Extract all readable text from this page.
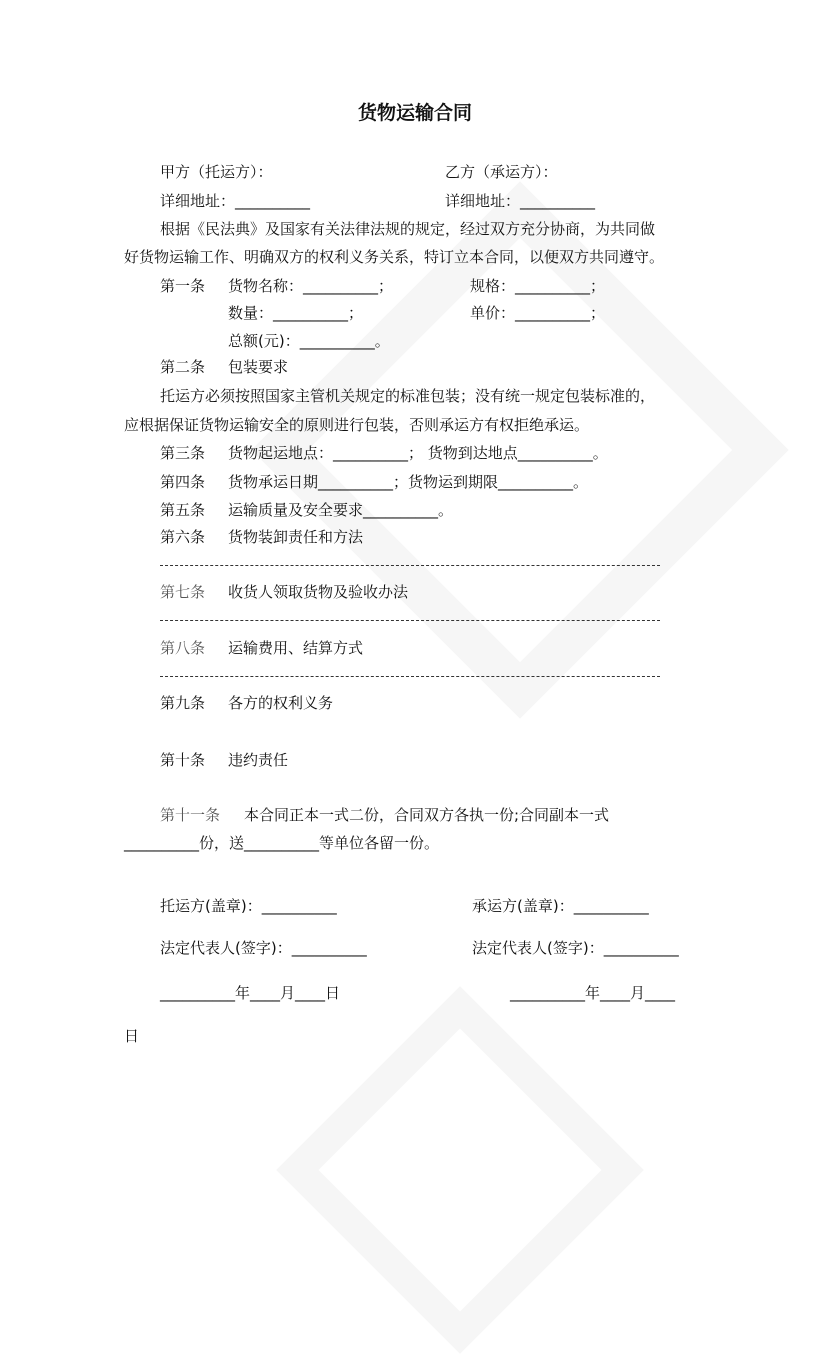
货物运输合同
甲方（托运方）：	乙方（承运方）：
详细地址：__________	详细地址：__________
根据《民法典》及国家有关法律法规的规定，经过双方充分协商，为共同做
好货物运输工作、明确双方的权利义务关系，特订立本合同，以便双方共同遵守。
第一条 货物名称：__________；	规格：__________；
数量：__________；	单价：__________；
总额(元)：__________。
第二条 包装要求
托运方必须按照国家主管机关规定的标准包装；没有统一规定包装标准的，
应根据保证货物运输安全的原则进行包装，否则承运方有权拒绝承运。
第三条 货物起运地点：__________； 货物到达地点__________。
第四条 货物承运日期__________；货物运到期限__________。
第五条 运输质量及安全要求__________。
第六条 货物装卸责任和方法
第七条 收货人领取货物及验收办法
第八条 运输费用、结算方式
第九条 各方的权利义务
第十条 违约责任
第十一条 本合同正本一式二份，合同双方各执一份;合同副本一式
__________份，送__________等单位各留一份。
托运方(盖章)：__________	承运方(盖章)：__________
法定代表人(签字)：__________	法定代表人(签字)：__________
__________年____月____日	__________年____月____
日
